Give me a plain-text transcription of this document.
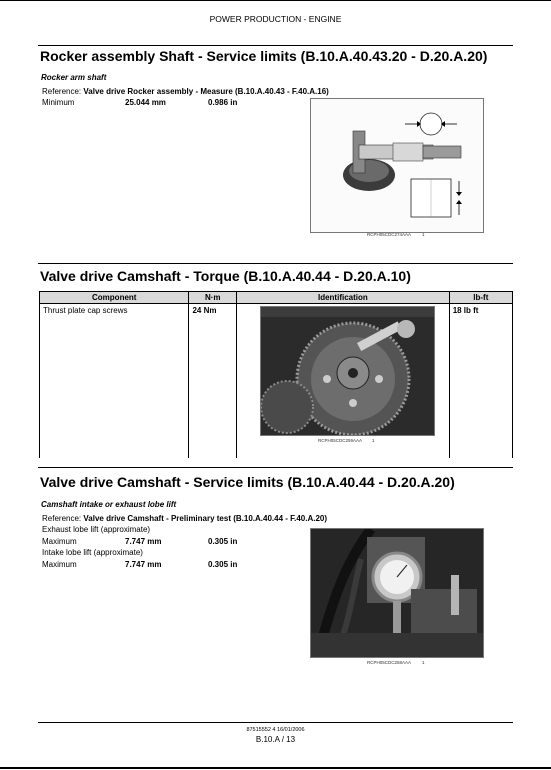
POWER PRODUCTION - ENGINE
Rocker assembly Shaft - Service limits (B.10.A.40.43.20 - D.20.A.20)
Rocker arm shaft
Reference: Valve drive Rocker assembly - Measure (B.10.A.40.43 - F.40.A.16)
Minimum	25.044 mm	0.986 in
RCPH05CDC274AAA 1
Valve drive Camshaft - Torque (B.10.A.40.44 - D.20.A.10)
Component	N·m	Identification	lb-ft
Thrust plate cap screws	24 Nm		18 lb ft
RCPH05CDC259AAA 1
Valve drive Camshaft - Service limits (B.10.A.40.44 - D.20.A.20)
Camshaft intake or exhaust lobe lift
Reference: Valve drive Camshaft - Preliminary test (B.10.A.40.44 - F.40.A.20)
Exhaust lobe lift (approximate)
Maximum	7.747 mm	0.305 in
Intake lobe lift (approximate)
Maximum	7.747 mm	0.305 in
RCPH05CDC258AAA 1
87515552 4 16/01/2006
B.10.A / 13
